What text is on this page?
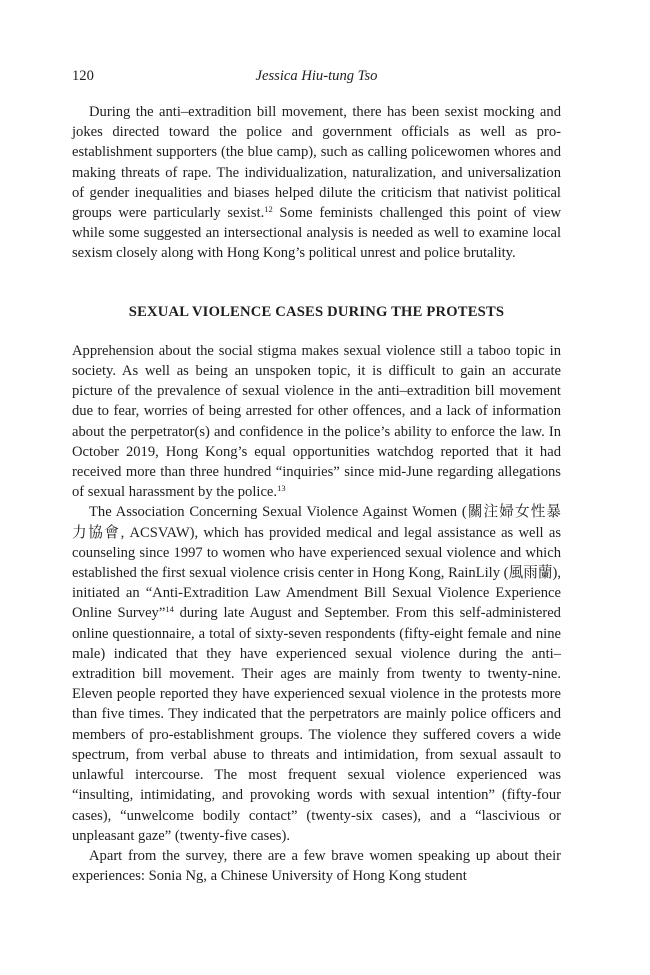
120	Jessica Hiu-tung Tso

During the anti–extradition bill movement, there has been sexist mocking and jokes directed toward the police and government officials as well as pro-establishment supporters (the blue camp), such as calling policewomen whores and making threats of rape. The individualization, naturalization, and universalization of gender inequalities and biases helped dilute the criticism that nativist political groups were particularly sexist.$^{12}$ Some feminists challenged this point of view while some suggested an intersectional analysis is needed as well to examine local sexism closely along with Hong Kong’s political unrest and police brutality.

SEXUAL VIOLENCE CASES DURING THE PROTESTS

Apprehension about the social stigma makes sexual violence still a taboo topic in society. As well as being an unspoken topic, it is difficult to gain an accurate picture of the prevalence of sexual violence in the anti–extradition bill movement due to fear, worries of being arrested for other offences, and a lack of information about the perpetrator(s) and confidence in the police’s ability to enforce the law. In October 2019, Hong Kong’s equal opportunities watchdog reported that it had received more than three hundred “inquiries” since mid-June regarding allegations of sexual harassment by the police.$^{13}$

The Association Concerning Sexual Violence Against Women (關注婦女性暴力協會, ACSVAW), which has provided medical and legal assistance as well as counseling since 1997 to women who have experienced sexual violence and which established the first sexual violence crisis center in Hong Kong, RainLily (風雨蘭), initiated an “Anti-Extradition Law Amendment Bill Sexual Violence Experience Online Survey”$^{14}$ during late August and September. From this self-administered online questionnaire, a total of sixty-seven respondents (fifty-eight female and nine male) indicated that they have experienced sexual violence during the anti–extradition bill movement. Their ages are mainly from twenty to twenty-nine. Eleven people reported they have experienced sexual violence in the protests more than five times. They indicated that the perpetrators are mainly police officers and members of pro-establishment groups. The violence they suffered covers a wide spectrum, from verbal abuse to threats and intimidation, from sexual assault to unlawful intercourse. The most frequent sexual violence experienced was “insulting, intimidating, and provoking words with sexual intention” (fifty-four cases), “unwelcome bodily contact” (twenty-six cases), and a “lascivious or unpleasant gaze” (twenty-five cases).

Apart from the survey, there are a few brave women speaking up about their experiences: Sonia Ng, a Chinese University of Hong Kong student
